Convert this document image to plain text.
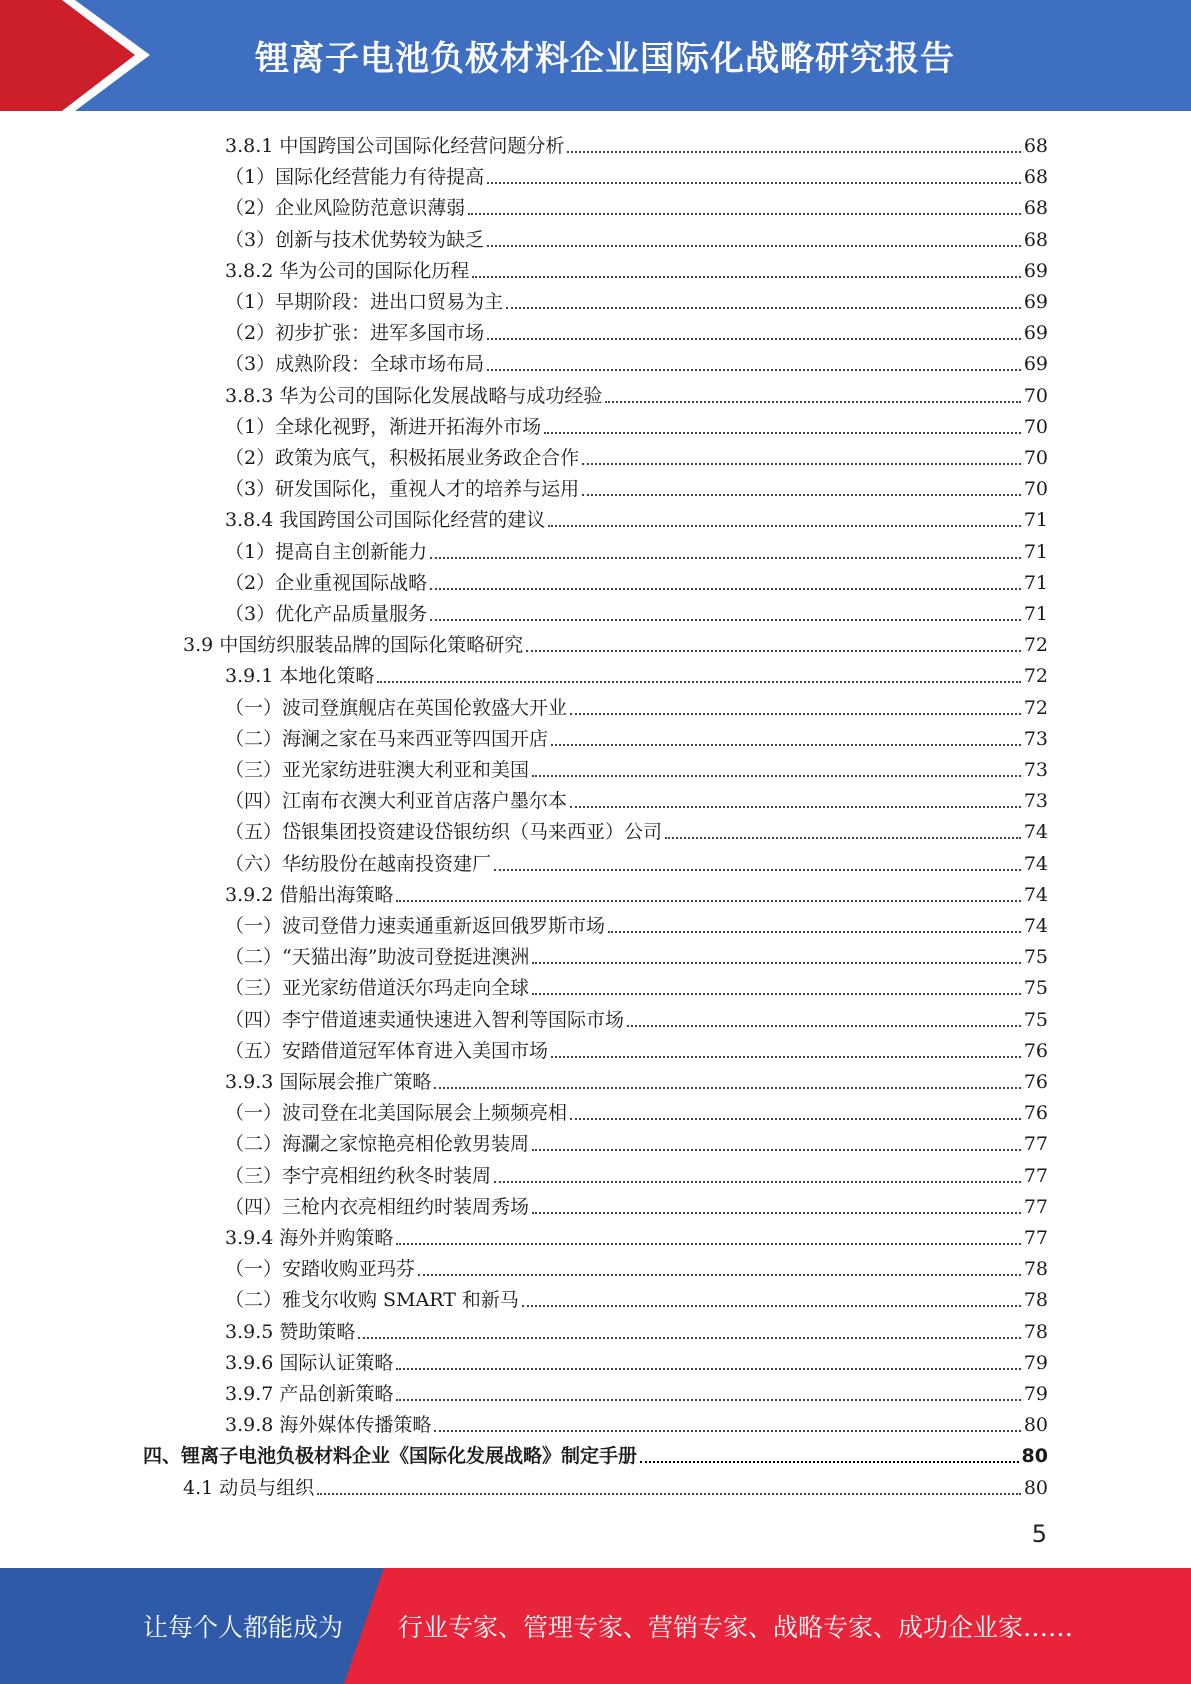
锂离子电池负极材料企业国际化战略研究报告
3.8.1 中国跨国公司国际化经营问题分析	68
（1）国际化经营能力有待提高	68
（2）企业风险防范意识薄弱	68
（3）创新与技术优势较为缺乏	68
3.8.2 华为公司的国际化历程	69
（1）早期阶段：进出口贸易为主	69
（2）初步扩张：进军多国市场	69
（3）成熟阶段：全球市场布局	69
3.8.3 华为公司的国际化发展战略与成功经验	70
（1）全球化视野，渐进开拓海外市场	70
（2）政策为底气，积极拓展业务政企合作	70
（3）研发国际化，重视人才的培养与运用	70
3.8.4 我国跨国公司国际化经营的建议	71
（1）提高自主创新能力	71
（2）企业重视国际战略	71
（3）优化产品质量服务	71
3.9 中国纺织服装品牌的国际化策略研究	72
3.9.1 本地化策略	72
（一）波司登旗舰店在英国伦敦盛大开业	72
（二）海澜之家在马来西亚等四国开店	73
（三）亚光家纺进驻澳大利亚和美国	73
（四）江南布衣澳大利亚首店落户墨尔本	73
（五）岱银集团投资建设岱银纺织（马来西亚）公司	74
（六）华纺股份在越南投资建厂	74
3.9.2 借船出海策略	74
（一）波司登借力速卖通重新返回俄罗斯市场	74
（二）“天猫出海”助波司登挺进澳洲	75
（三）亚光家纺借道沃尔玛走向全球	75
（四）李宁借道速卖通快速进入智利等国际市场	75
（五）安踏借道冠军体育进入美国市场	76
3.9.3 国际展会推广策略	76
（一）波司登在北美国际展会上频频亮相	76
（二）海瀾之家惊艳亮相伦敦男装周	77
（三）李宁亮相纽约秋冬时装周	77
（四）三枪内衣亮相纽约时装周秀场	77
3.9.4 海外并购策略	77
（一）安踏收购亚玛芬	78
（二）雅戈尔收购 SMART 和新马	78
3.9.5 赞助策略	78
3.9.6 国际认证策略	79
3.9.7 产品创新策略	79
3.9.8 海外媒体传播策略	80
四、锂离子电池负极材料企业《国际化发展战略》制定手册	80
4.1 动员与组织	80
5
让每个人都能成为 行业专家、管理专家、营销专家、战略专家、成功企业家……
